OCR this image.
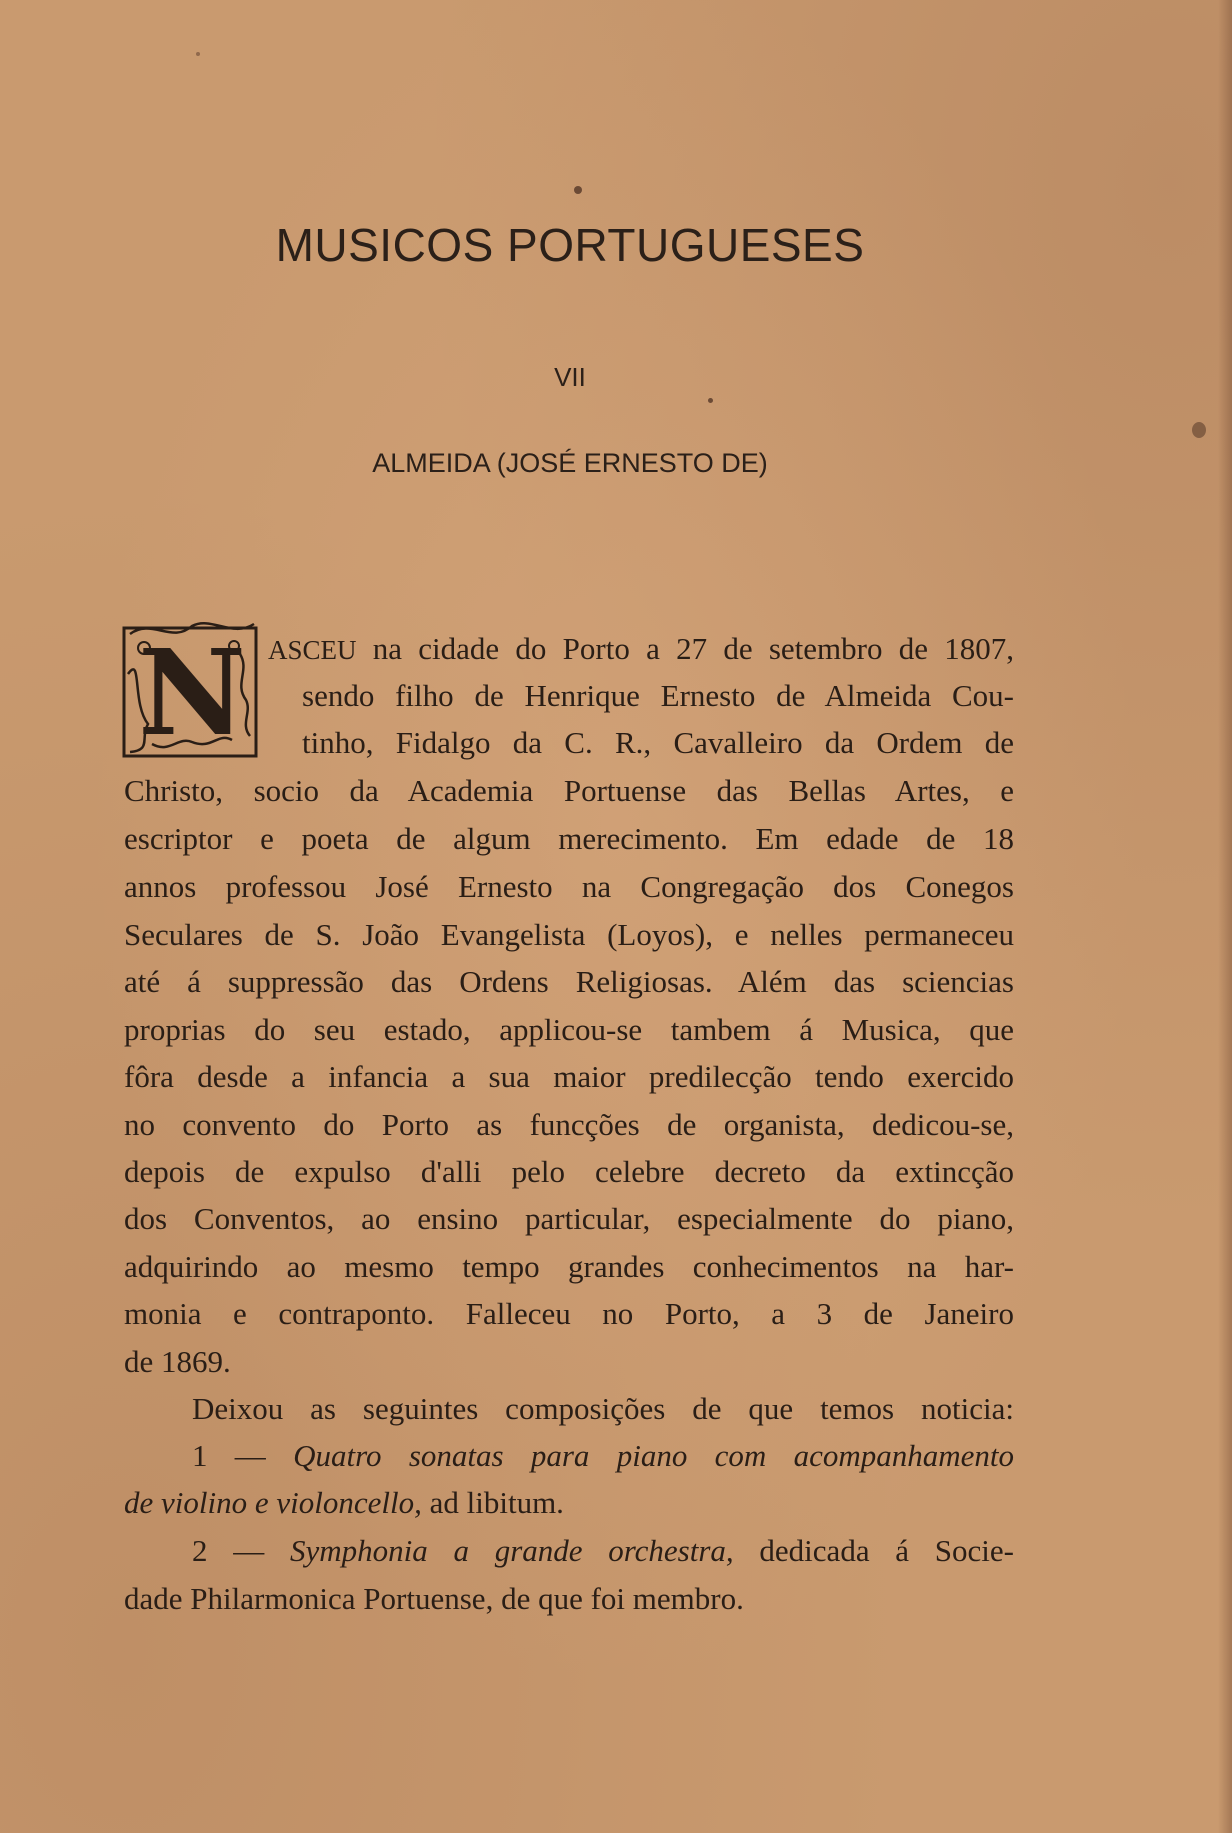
MUSICOS PORTUGUESES
VII
ALMEIDA (JOSÉ ERNESTO DE)
N ASCEU na cidade do Porto a 27 de setembro de 1807,
sendo filho de Henrique Ernesto de Almeida Cou-
tinho, Fidalgo da C. R., Cavalleiro da Ordem de
Christo, socio da Academia Portuense das Bellas Artes, e
escriptor e poeta de algum merecimento. Em edade de 18
annos professou José Ernesto na Congregação dos Conegos
Seculares de S. João Evangelista (Loyos), e nelles permaneceu
até á suppressão das Ordens Religiosas. Além das sciencias
proprias do seu estado, applicou-se tambem á Musica, que
fôra desde a infancia a sua maior predilecção tendo exercido
no convento do Porto as funcções de organista, dedicou-se,
depois de expulso d'alli pelo celebre decreto da extincção
dos Conventos, ao ensino particular, especialmente do piano,
adquirindo ao mesmo tempo grandes conhecimentos na har-
monia e contraponto. Falleceu no Porto, a 3 de Janeiro
de 1869.
Deixou as seguintes composições de que temos noticia:
1 — Quatro sonatas para piano com acompanhamento
de violino e violoncello, ad libitum.
2 — Symphonia a grande orchestra, dedicada á Socie-
dade Philarmonica Portuense, de que foi membro.
